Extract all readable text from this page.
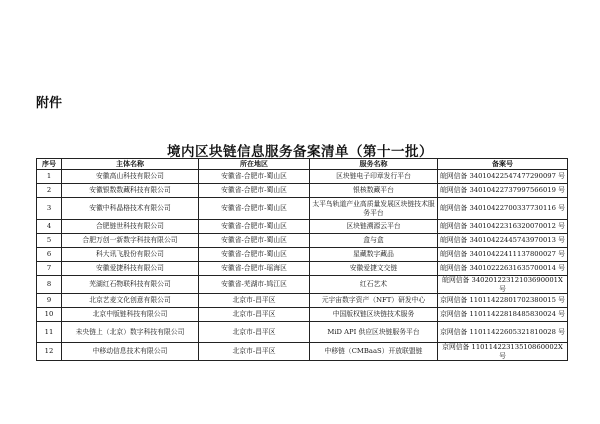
附件
境内区块链信息服务备案清单（第十一批）
序号	主体名称	所在地区	服务名称	备案号
1	安徽高山科技有限公司	安徽省-合肥市-蜀山区	区块链电子印章发行平台	皖网信备 34010422547477290097 号
2	安徽银数数藏科技有限公司	安徽省-合肥市-蜀山区	银核数藏平台	皖网信备 34010422737997566019 号
3	安徽中科晶格技术有限公司	安徽省-合肥市-蜀山区	太平鸟轨道产业高质量发展区块链技术服务平台	皖网信备 34010422700337730116 号
4	合肥链世科技有限公司	安徽省-合肥市-蜀山区	区块链溯源云平台	皖网信备 34010422316320070012 号
5	合肥万创一新数字科技有限公司	安徽省-合肥市-蜀山区	盒与盒	皖网信备 34010422445743970013 号
6	科大讯飞股份有限公司	安徽省-合肥市-蜀山区	星藏数字藏品	皖网信备 34010422411137800027 号
7	安徽爱捷科技有限公司	安徽省-合肥市-瑶海区	安徽爱捷文交链	皖网信备 34010222631635700014 号
8	芜湖红石物联科技有限公司	安徽省-芜湖市-鸠江区	红石艺术	皖网信备 34020122312103690001X 号
9	北京艺麦文化创意有限公司	北京市-昌平区	元宇宙数字资产（NFT）研发中心	京网信备 11011422801702380015 号
10	北京中版链科技有限公司	北京市-昌平区	中国版权链区块链技术服务	京网信备 11011422818485830024 号
11	未央链上（北京）数字科技有限公司	北京市-昌平区	MiD API 供应区块链服务平台	京网信备 11011422605321810028 号
12	中移动信息技术有限公司	北京市-昌平区	中移链（CMBaaS）开放联盟链	京网信备 11011422313510860002X 号
